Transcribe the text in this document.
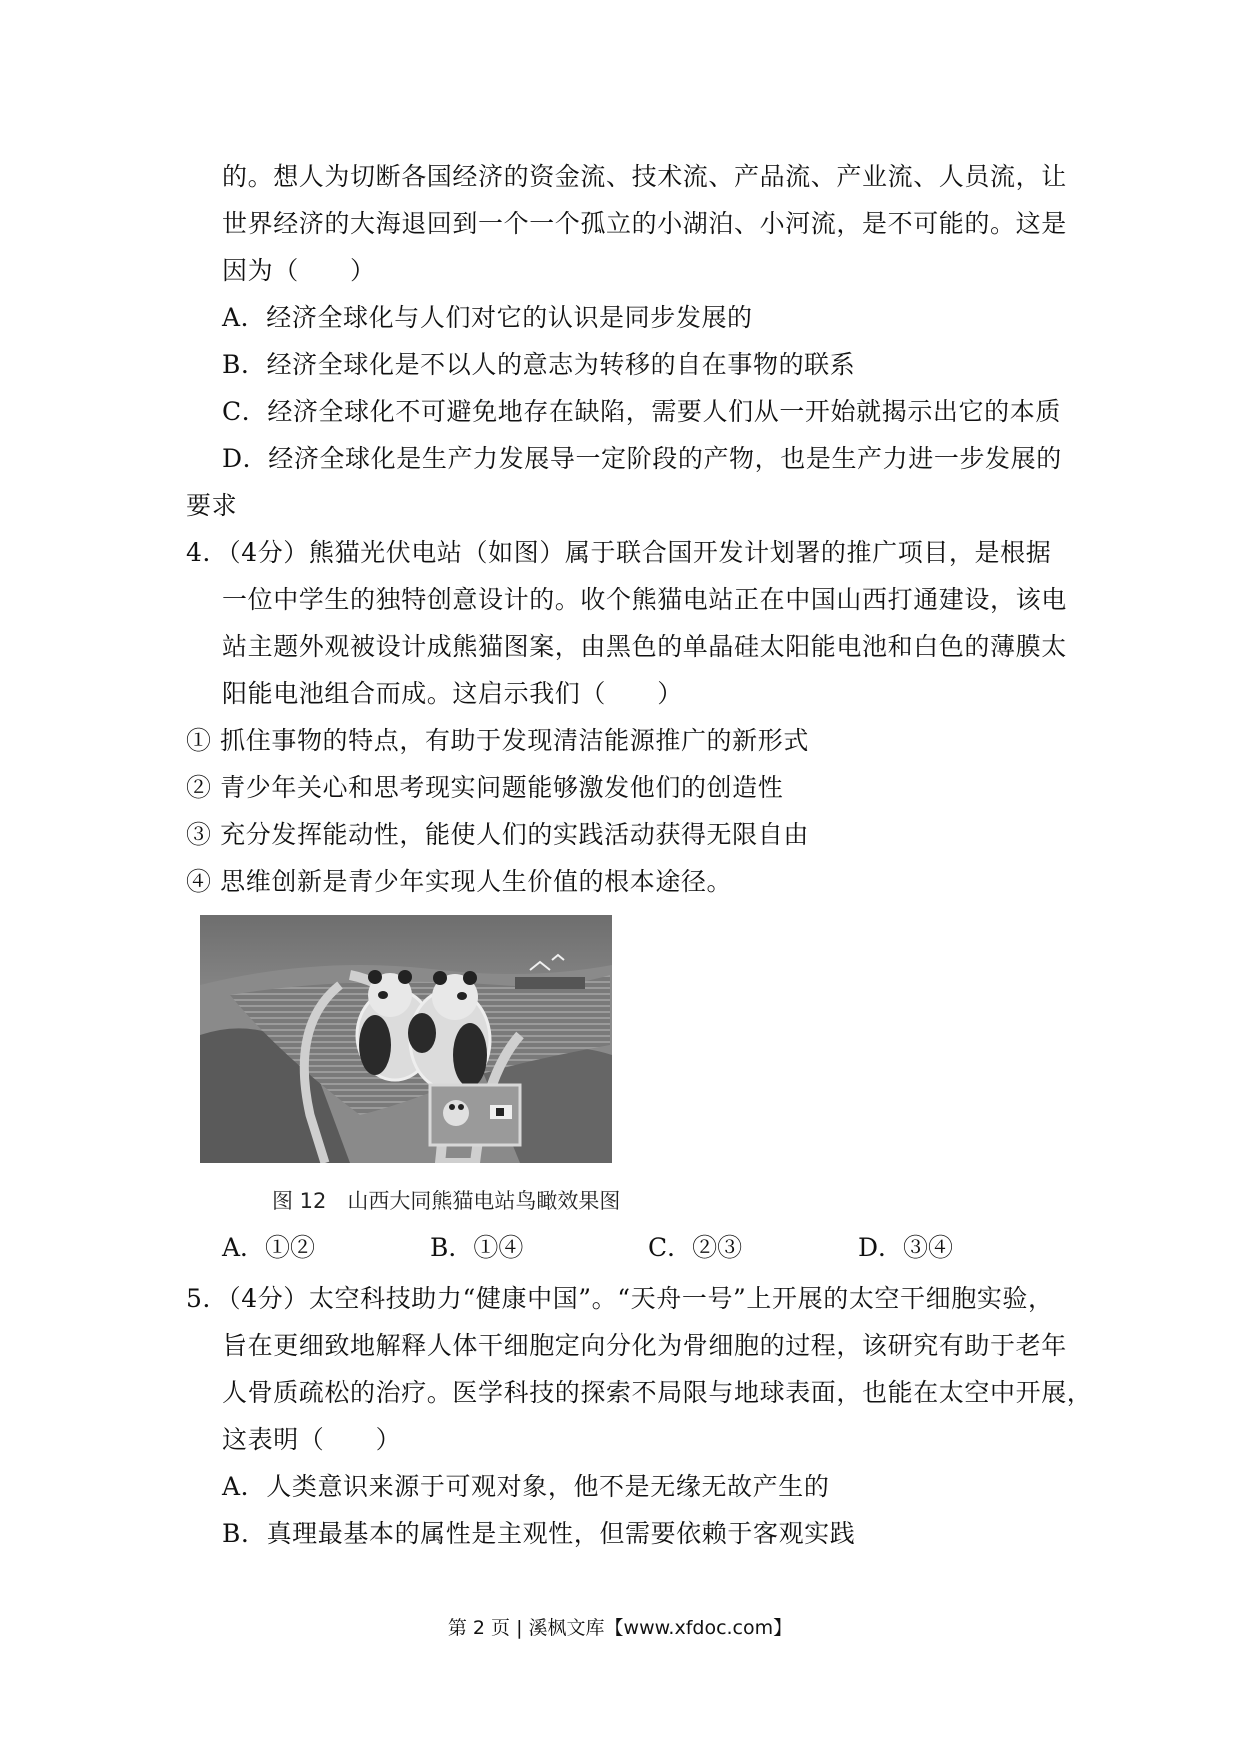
的。想人为切断各国经济的资金流、技术流、产品流、产业流、人员流，让
世界经济的大海退回到一个一个孤立的小湖泊、小河流，是不可能的。这是
因为（　　）
A．经济全球化与人们对它的认识是同步发展的
B．经济全球化是不以人的意志为转移的自在事物的联系
C．经济全球化不可避免地存在缺陷，需要人们从一开始就揭示出它的本质
D．经济全球化是生产力发展导一定阶段的产物，也是生产力进一步发展的
要求
4．（4分）熊猫光伏电站（如图）属于联合国开发计划署的推广项目，是根据
一位中学生的独特创意设计的。收个熊猫电站正在中国山西打通建设，该电
站主题外观被设计成熊猫图案，由黑色的单晶硅太阳能电池和白色的薄膜太
阳能电池组合而成。这启示我们（　　）
① 抓住事物的特点，有助于发现清洁能源推广的新形式
② 青少年关心和思考现实问题能够激发他们的创造性
③ 充分发挥能动性，能使人们的实践活动获得无限自由
④ 思维创新是青少年实现人生价值的根本途径。
图 12　山西大同熊猫电站鸟瞰效果图
A．①②	B．①④	C．②③	D．③④
5．（4分）太空科技助力“健康中国”。“天舟一号”上开展的太空干细胞实验，
旨在更细致地解释人体干细胞定向分化为骨细胞的过程，该研究有助于老年
人骨质疏松的治疗。医学科技的探索不局限与地球表面，也能在太空中开展，
这表明（　　）
A．人类意识来源于可观对象，他不是无缘无故产生的
B．真理最基本的属性是主观性，但需要依赖于客观实践
第 2 页 | 溪枫文库【www.xfdoc.com】
